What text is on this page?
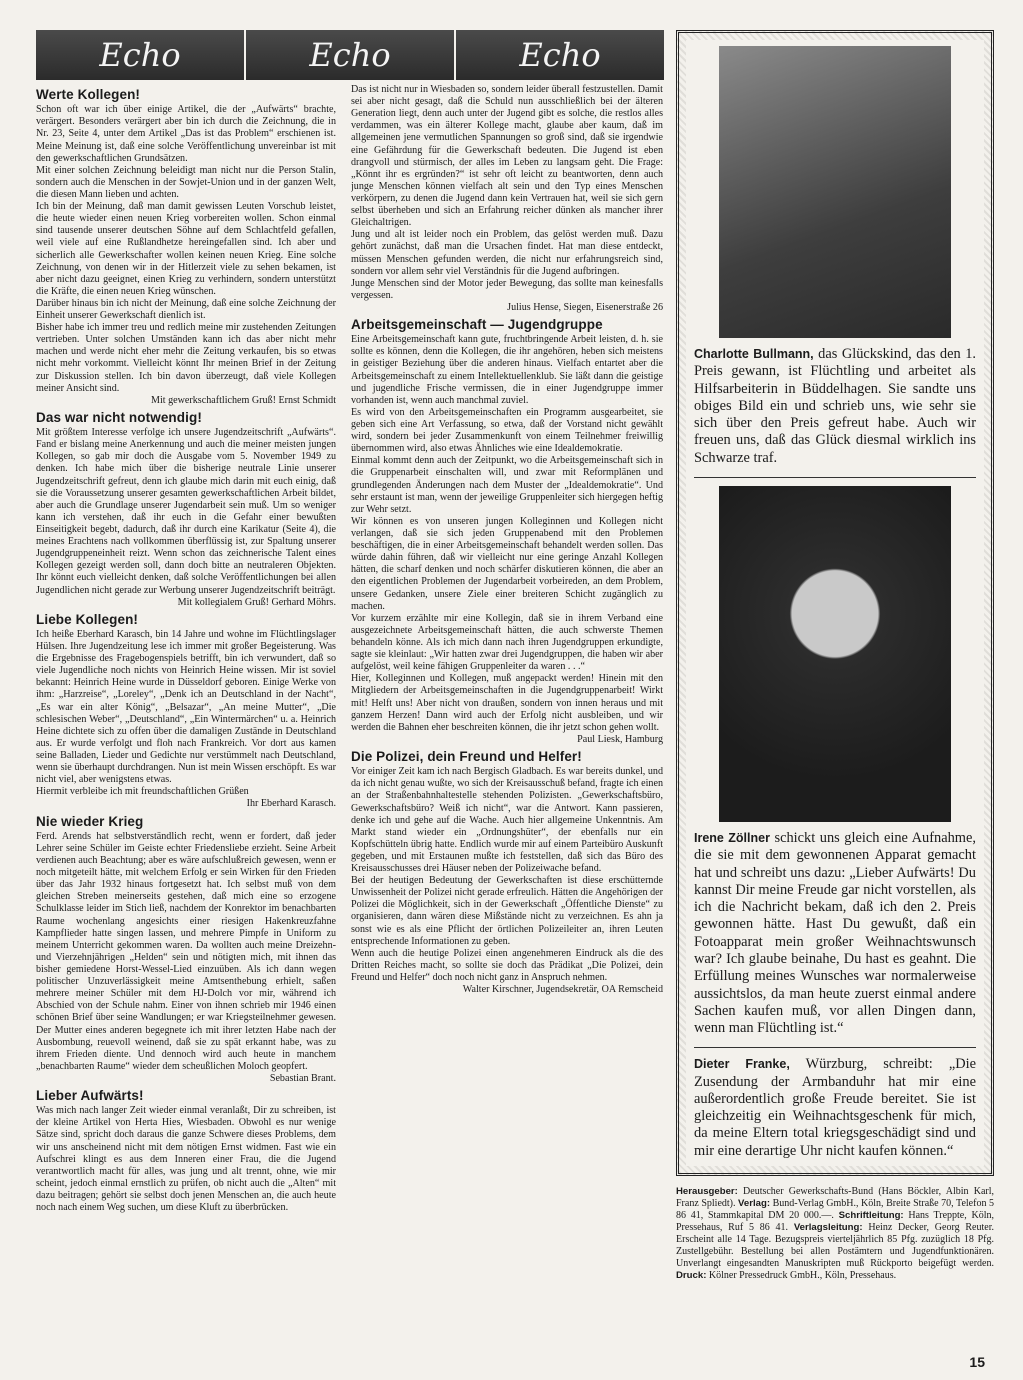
Echo	Echo	Echo
Werte Kollegen!

Schon oft war ich über einige Artikel, die der „Aufwärts“ brachte, verärgert. Besonders verärgert aber bin ich durch die Zeichnung, die in Nr. 23, Seite 4, unter dem Artikel „Das ist das Problem“ erschienen ist. Meine Meinung ist, daß eine solche Veröffentlichung unvereinbar ist mit den gewerkschaftlichen Grundsätzen.

Mit einer solchen Zeichnung beleidigt man nicht nur die Person Stalin, sondern auch die Menschen in der Sowjet-Union und in der ganzen Welt, die diesen Mann lieben und achten.

Ich bin der Meinung, daß man damit gewissen Leuten Vorschub leistet, die heute wieder einen neuen Krieg vorbereiten wollen. Schon einmal sind tausende unserer deutschen Söhne auf dem Schlachtfeld gefallen, weil viele auf eine Rußlandhetze hereingefallen sind. Ich aber und sicherlich alle Gewerkschafter wollen keinen neuen Krieg. Eine solche Zeichnung, von denen wir in der Hitlerzeit viele zu sehen bekamen, ist aber nicht dazu geeignet, einen Krieg zu verhindern, sondern unterstützt die Kräfte, die einen neuen Krieg wünschen.

Darüber hinaus bin ich nicht der Meinung, daß eine solche Zeichnung der Einheit unserer Gewerkschaft dienlich ist.

Bisher habe ich immer treu und redlich meine mir zustehenden Zeitungen vertrieben. Unter solchen Umständen kann ich das aber nicht mehr machen und werde nicht eher mehr die Zeitung verkaufen, bis so etwas nicht mehr vorkommt. Vielleicht könnt Ihr meinen Brief in der Zeitung zur Diskussion stellen. Ich bin davon überzeugt, daß viele Kollegen meiner Ansicht sind.

Mit gewerkschaftlichem Gruß! Ernst Schmidt

Das war nicht notwendig!

Mit größtem Interesse verfolge ich unsere Jugendzeitschrift „Aufwärts“. Fand er bislang meine Anerkennung und auch die meiner meisten jungen Kollegen, so gab mir doch die Ausgabe vom 5. November 1949 zu denken. Ich habe mich über die bisherige neutrale Linie unserer Jugendzeitschrift gefreut, denn ich glaube mich darin mit euch einig, daß sie die Voraussetzung unserer gesamten gewerkschaftlichen Arbeit bildet, aber auch die Grundlage unserer Jugendarbeit sein muß. Um so weniger kann ich verstehen, daß ihr euch in die Gefahr einer bewußten Einseitigkeit begebt, dadurch, daß ihr durch eine Karikatur (Seite 4), die meines Erachtens nach vollkommen überflüssig ist, zur Spaltung unserer Jugendgruppeneinheit reizt. Wenn schon das zeichnerische Talent eines Kollegen gezeigt werden soll, dann doch bitte an neutraleren Objekten. Ihr könnt euch vielleicht denken, daß solche Veröffentlichungen bei allen Jugendlichen nicht gerade zur Werbung unserer Jugendzeitschrift beiträgt.

Mit kollegialem Gruß! Gerhard Möhrs.

Liebe Kollegen!

Ich heiße Eberhard Karasch, bin 14 Jahre und wohne im Flüchtlingslager Hülsen. Ihre Jugendzeitung lese ich immer mit großer Begeisterung. Was die Ergebnisse des Fragebogenspiels betrifft, bin ich verwundert, daß so viele Jugendliche noch nichts von Heinrich Heine wissen. Mir ist soviel bekannt: Heinrich Heine wurde in Düsseldorf geboren. Einige Werke von ihm: „Harzreise“, „Loreley“, „Denk ich an Deutschland in der Nacht“, „Es war ein alter König“, „Belsazar“, „An meine Mutter“, „Die schlesischen Weber“, „Deutschland“, „Ein Wintermärchen“ u. a. Heinrich Heine dichtete sich zu offen über die damaligen Zustände in Deutschland aus. Er wurde verfolgt und floh nach Frankreich. Vor dort aus kamen seine Balladen, Lieder und Gedichte nur verstümmelt nach Deutschland, wenn sie überhaupt durchdrangen. Nun ist mein Wissen erschöpft. Es war nicht viel, aber wenigstens etwas.

Hiermit verbleibe ich mit freundschaftlichen Grüßen

Ihr Eberhard Karasch.

Nie wieder Krieg

Ferd. Arends hat selbstverständlich recht, wenn er fordert, daß jeder Lehrer seine Schüler im Geiste echter Friedensliebe erzieht. Seine Arbeit verdienen auch Beachtung; aber es wäre aufschlußreich gewesen, wenn er noch mitgeteilt hätte, mit welchem Erfolg er sein Wirken für den Frieden über das Jahr 1932 hinaus fortgesetzt hat. Ich selbst muß von dem gleichen Streben meinerseits gestehen, daß mich eine so erzogene Schulklasse leider im Stich ließ, nachdem der Konrektor im benachbarten Raume wochenlang angesichts einer riesigen Hakenkreuzfahne Kampflieder hatte singen lassen, und mehrere Pimpfe in Uniform zu meinem Unterricht gekommen waren. Da wollten auch meine Dreizehn- und Vierzehnjährigen „Helden“ sein und nötigten mich, mit ihnen das bisher gemiedene Horst-Wessel-Lied einzuüben. Als ich dann wegen politischer Unzuverlässigkeit meine Amtsenthebung erhielt, saßen mehrere meiner Schüler mit dem HJ-Dolch vor mir, während ich Abschied von der Schule nahm. Einer von ihnen schrieb mir 1946 einen schönen Brief über seine Wandlungen; er war Kriegsteilnehmer gewesen. Der Mutter eines anderen begegnete ich mit ihrer letzten Habe nach der Ausbombung, reuevoll weinend, daß sie zu spät erkannt habe, was zu ihrem Frieden diente. Und dennoch wird auch heute in manchem „benachbarten Raume“ wieder dem scheußlichen Moloch geopfert.

Sebastian Brant.

Lieber Aufwärts!

Was mich nach langer Zeit wieder einmal veranlaßt, Dir zu schreiben, ist der kleine Artikel von Herta Hies, Wiesbaden. Obwohl es nur wenige Sätze sind, spricht doch daraus die ganze Schwere dieses Problems, dem wir uns anscheinend nicht mit dem nötigen Ernst widmen. Fast wie ein Aufschrei klingt es aus dem Inneren einer Frau, die die Jugend verantwortlich macht für alles, was jung und alt trennt, ohne, wie mir scheint, jedoch einmal ernstlich zu prüfen, ob nicht auch die „Alten“ mit dazu beitragen; gehört sie selbst doch jenen Menschen an, die auch heute noch nach einem Weg suchen, um diese Kluft zu überbrücken.

Das ist nicht nur in Wiesbaden so, sondern leider überall festzustellen. Damit sei aber nicht gesagt, daß die Schuld nun ausschließlich bei der älteren Generation liegt, denn auch unter der Jugend gibt es solche, die restlos alles verdammen, was ein älterer Kollege macht, glaube aber kaum, daß im allgemeinen jene vermutlichen Spannungen so groß sind, daß sie irgendwie eine Gefährdung für die Gewerkschaft bedeuten. Die Jugend ist eben drangvoll und stürmisch, der alles im Leben zu langsam geht. Die Frage: „Könnt ihr es ergründen?“ ist sehr oft leicht zu beantworten, denn auch junge Menschen können vielfach alt sein und den Typ eines Menschen verkörpern, zu denen die Jugend dann kein Vertrauen hat, weil sie sich gern selbst überheben und sich an Erfahrung reicher dünken als mancher ihrer Gleichaltrigen.

Jung und alt ist leider noch ein Problem, das gelöst werden muß. Dazu gehört zunächst, daß man die Ursachen findet. Hat man diese entdeckt, müssen Menschen gefunden werden, die nicht nur erfahrungsreich sind, sondern vor allem sehr viel Verständnis für die Jugend aufbringen.

Junge Menschen sind der Motor jeder Bewegung, das sollte man keinesfalls vergessen.

Julius Hense, Siegen, Eisenerstraße 26

Arbeitsgemeinschaft — Jugendgruppe

Eine Arbeitsgemeinschaft kann gute, fruchtbringende Arbeit leisten, d. h. sie sollte es können, denn die Kollegen, die ihr angehören, heben sich meistens in geistiger Beziehung über die anderen hinaus. Vielfach entartet aber die Arbeitsgemeinschaft zu einem Intellektuellenklub. Sie läßt dann die geistige und jugendliche Frische vermissen, die in einer Jugendgruppe immer vorhanden ist, wenn auch manchmal zuviel.

Es wird von den Arbeitsgemeinschaften ein Programm ausgearbeitet, sie geben sich eine Art Verfassung, so etwa, daß der Vorstand nicht gewählt wird, sondern bei jeder Zusammenkunft von einem Teilnehmer freiwillig übernommen wird, also etwas Ähnliches wie eine Idealdemokratie.

Einmal kommt denn auch der Zeitpunkt, wo die Arbeitsgemeinschaft sich in die Gruppenarbeit einschalten will, und zwar mit Reformplänen und grundlegenden Änderungen nach dem Muster der „Idealdemokratie“. Und sehr erstaunt ist man, wenn der jeweilige Gruppenleiter sich hiergegen heftig zur Wehr setzt.

Wir können es von unseren jungen Kolleginnen und Kollegen nicht verlangen, daß sie sich jeden Gruppenabend mit den Problemen beschäftigen, die in einer Arbeitsgemeinschaft behandelt werden sollen. Das würde dahin führen, daß wir vielleicht nur eine geringe Anzahl Kollegen hätten, die scharf denken und noch schärfer diskutieren können, die aber an den eigentlichen Problemen der Jugendarbeit vorbeireden, an dem Problem, unsere Gedanken, unsere Ziele einer breiteren Schicht zugänglich zu machen.

Vor kurzem erzählte mir eine Kollegin, daß sie in ihrem Verband eine ausgezeichnete Arbeitsgemeinschaft hätten, die auch schwerste Themen behandeln könne. Als ich mich dann nach ihren Jugendgruppen erkundigte, sagte sie kleinlaut: „Wir hatten zwar drei Jugendgruppen, die haben wir aber aufgelöst, weil keine fähigen Gruppenleiter da waren . . .“

Hier, Kolleginnen und Kollegen, muß angepackt werden! Hinein mit den Mitgliedern der Arbeitsgemeinschaften in die Jugendgruppenarbeit! Wirkt mit! Helft uns! Aber nicht von draußen, sondern von innen heraus und mit ganzem Herzen! Dann wird auch der Erfolg nicht ausbleiben, und wir werden die Bahnen eher beschreiten können, die ihr jetzt schon gehen wollt.

Paul Liesk, Hamburg

Die Polizei, dein Freund und Helfer!

Vor einiger Zeit kam ich nach Bergisch Gladbach. Es war bereits dunkel, und da ich nicht genau wußte, wo sich der Kreisausschuß befand, fragte ich einen an der Straßenbahnhaltestelle stehenden Polizisten. „Gewerkschaftsbüro, Gewerkschaftsbüro? Weiß ich nicht“, war die Antwort. Kann passieren, denke ich und gehe auf die Wache. Auch hier allgemeine Unkenntnis. Am Markt stand wieder ein „Ordnungshüter“, der ebenfalls nur ein Kopfschütteln übrig hatte. Endlich wurde mir auf einem Parteibüro Auskunft gegeben, und mit Erstaunen mußte ich feststellen, daß sich das Büro des Kreisausschusses drei Häuser neben der Polizeiwache befand.

Bei der heutigen Bedeutung der Gewerkschaften ist diese erschütternde Unwissenheit der Polizei nicht gerade erfreulich. Hätten die Angehörigen der Polizei die Möglichkeit, sich in der Gewerkschaft „Öffentliche Dienste“ zu organisieren, dann wären diese Mißstände nicht zu verzeichnen. Es ahn ja sonst wie es als eine Pflicht der örtlichen Polizeileiter an, ihren Leuten entsprechende Informationen zu geben.

Wenn auch die heutige Polizei einen angenehmeren Eindruck als die des Dritten Reiches macht, so sollte sie doch das Prädikat „Die Polizei, dein Freund und Helfer“ doch noch nicht ganz in Anspruch nehmen.

Walter Kirschner, Jugendsekretär, OA Remscheid

Charlotte Bullmann, das Glückskind, das den 1. Preis gewann, ist Flüchtling und arbeitet als Hilfsarbeiterin in Büddelhagen. Sie sandte uns obiges Bild ein und schrieb uns, wie sehr sie sich über den Preis gefreut habe. Auch wir freuen uns, daß das Glück diesmal wirklich ins Schwarze traf.
Irene Zöllner schickt uns gleich eine Aufnahme, die sie mit dem gewonnenen Apparat gemacht hat und schreibt uns dazu: „Lieber Aufwärts! Du kannst Dir meine Freude gar nicht vorstellen, als ich die Nachricht bekam, daß ich den 2. Preis gewonnen hätte. Hast Du gewußt, daß ein Fotoapparat mein großer Weihnachtswunsch war? Ich glaube beinahe, Du hast es geahnt. Die Erfüllung meines Wunsches war normalerweise aussichtslos, da man heute zuerst einmal andere Sachen kaufen muß, vor allen Dingen dann, wenn man Flüchtling ist.“
Dieter Franke, Würzburg, schreibt: „Die Zusendung der Armbanduhr hat mir eine außerordentlich große Freude bereitet. Sie ist gleichzeitig ein Weihnachtsgeschenk für mich, da meine Eltern total kriegsgeschädigt sind und mir eine derartige Uhr nicht kaufen können.“
Herausgeber: Deutscher Gewerkschafts-Bund (Hans Böckler, Albin Karl, Franz Spliedt). Verlag: Bund-Verlag GmbH., Köln, Breite Straße 70, Telefon 5 86 41, Stammkapital DM 20 000.—. Schriftleitung: Hans Treppte, Köln, Pressehaus, Ruf 5 86 41. Verlagsleitung: Heinz Decker, Georg Reuter. Erscheint alle 14 Tage. Bezugspreis vierteljährlich 85 Pfg. zuzüglich 18 Pfg. Zustellgebühr. Bestellung bei allen Postämtern und Jugendfunktionären. Unverlangt eingesandten Manuskripten muß Rückporto beigefügt werden. Druck: Kölner Pressedruck GmbH., Köln, Pressehaus.
15
